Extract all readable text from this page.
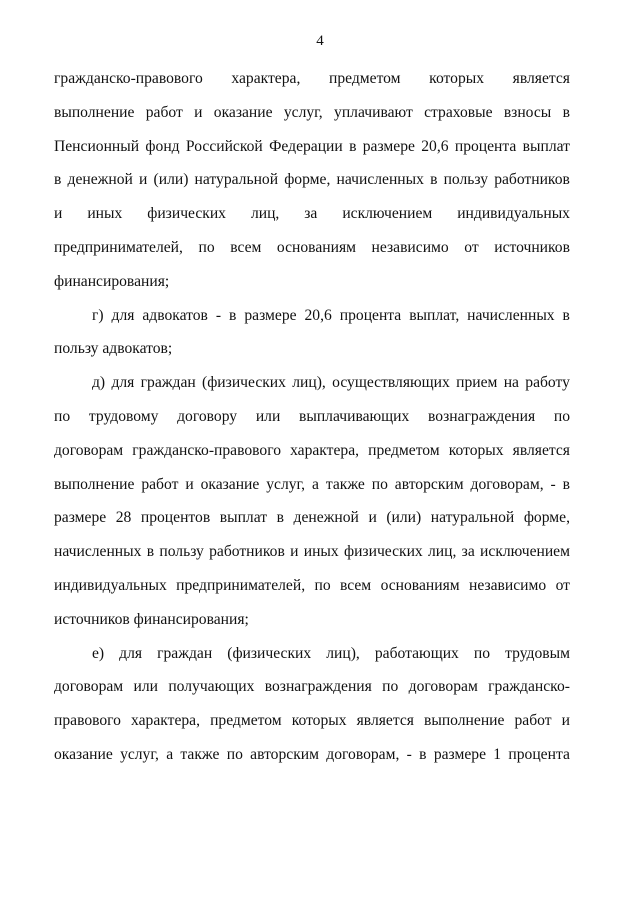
4
гражданско-правового характера, предметом которых является
выполнение работ и оказание услуг, уплачивают страховые взносы в
Пенсионный фонд Российской Федерации в размере 20,6 процента выплат
в денежной и (или) натуральной форме, начисленных в пользу работников
и иных физических лиц, за исключением индивидуальных
предпринимателей, по всем основаниям независимо от источников
финансирования;
г) для адвокатов - в размере 20,6 процента выплат, начисленных в
пользу адвокатов;
д) для граждан (физических лиц), осуществляющих прием на работу
по трудовому договору или выплачивающих вознаграждения по
договорам гражданско-правового характера, предметом которых является
выполнение работ и оказание услуг, а также по авторским договорам, - в
размере 28 процентов выплат в денежной и (или) натуральной форме,
начисленных в пользу работников и иных физических лиц, за исключением
индивидуальных предпринимателей, по всем основаниям независимо от
источников финансирования;
е) для граждан (физических лиц), работающих по трудовым
договорам или получающих вознаграждения по договорам гражданско-
правового характера, предметом которых является выполнение работ и
оказание услуг, а также по авторским договорам, - в размере 1 процента
